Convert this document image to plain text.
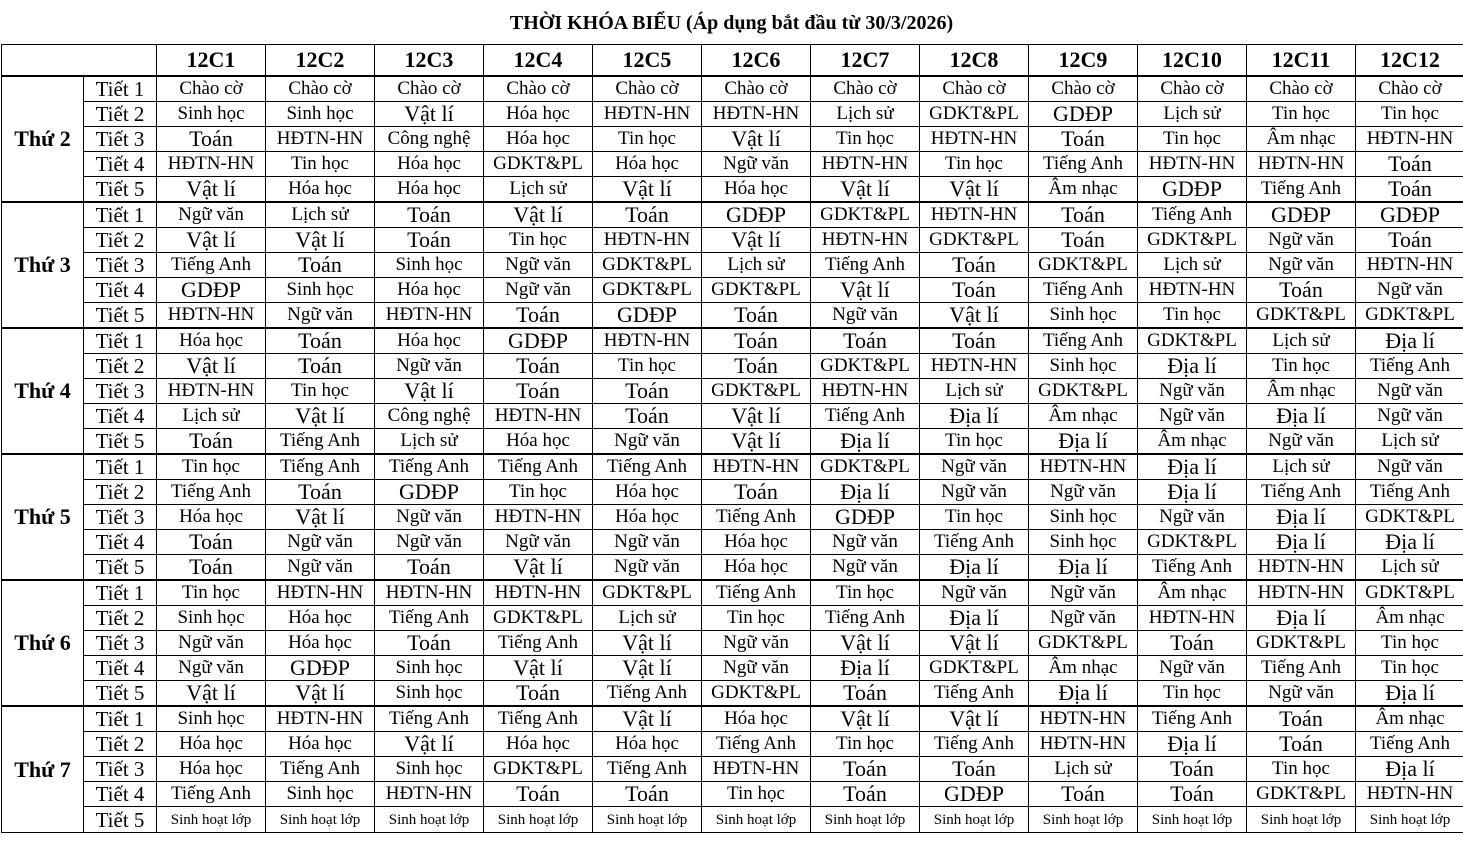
THỜI KHÓA BIỂU (Áp dụng bắt đầu từ 30/3/2026)
		12C1	12C2	12C3	12C4	12C5	12C6	12C7	12C8	12C9	12C10	12C11	12C12
Thứ 2	Tiết 1	Chào cờ	Chào cờ	Chào cờ	Chào cờ	Chào cờ	Chào cờ	Chào cờ	Chào cờ	Chào cờ	Chào cờ	Chào cờ	Chào cờ
	Tiết 2	Sinh học	Sinh học	Vật lí	Hóa học	HĐTN-HN	HĐTN-HN	Lịch sử	GDKT&PL	GDĐP	Lịch sử	Tin học	Tin học
	Tiết 3	Toán	HĐTN-HN	Công nghệ	Hóa học	Tin học	Vật lí	Tin học	HĐTN-HN	Toán	Tin học	Âm nhạc	HĐTN-HN
	Tiết 4	HĐTN-HN	Tin học	Hóa học	GDKT&PL	Hóa học	Ngữ văn	HĐTN-HN	Tin học	Tiếng Anh	HĐTN-HN	HĐTN-HN	Toán
	Tiết 5	Vật lí	Hóa học	Hóa học	Lịch sử	Vật lí	Hóa học	Vật lí	Vật lí	Âm nhạc	GDĐP	Tiếng Anh	Toán
Thứ 3	Tiết 1	Ngữ văn	Lịch sử	Toán	Vật lí	Toán	GDĐP	GDKT&PL	HĐTN-HN	Toán	Tiếng Anh	GDĐP	GDĐP
	Tiết 2	Vật lí	Vật lí	Toán	Tin học	HĐTN-HN	Vật lí	HĐTN-HN	GDKT&PL	Toán	GDKT&PL	Ngữ văn	Toán
	Tiết 3	Tiếng Anh	Toán	Sinh học	Ngữ văn	GDKT&PL	Lịch sử	Tiếng Anh	Toán	GDKT&PL	Lịch sử	Ngữ văn	HĐTN-HN
	Tiết 4	GDĐP	Sinh học	Hóa học	Ngữ văn	GDKT&PL	GDKT&PL	Vật lí	Toán	Tiếng Anh	HĐTN-HN	Toán	Ngữ văn
	Tiết 5	HĐTN-HN	Ngữ văn	HĐTN-HN	Toán	GDĐP	Toán	Ngữ văn	Vật lí	Sinh học	Tin học	GDKT&PL	GDKT&PL
Thứ 4	Tiết 1	Hóa học	Toán	Hóa học	GDĐP	HĐTN-HN	Toán	Toán	Toán	Tiếng Anh	GDKT&PL	Lịch sử	Địa lí
	Tiết 2	Vật lí	Toán	Ngữ văn	Toán	Tin học	Toán	GDKT&PL	HĐTN-HN	Sinh học	Địa lí	Tin học	Tiếng Anh
	Tiết 3	HĐTN-HN	Tin học	Vật lí	Toán	Toán	GDKT&PL	HĐTN-HN	Lịch sử	GDKT&PL	Ngữ văn	Âm nhạc	Ngữ văn
	Tiết 4	Lịch sử	Vật lí	Công nghệ	HĐTN-HN	Toán	Vật lí	Tiếng Anh	Địa lí	Âm nhạc	Ngữ văn	Địa lí	Ngữ văn
	Tiết 5	Toán	Tiếng Anh	Lịch sử	Hóa học	Ngữ văn	Vật lí	Địa lí	Tin học	Địa lí	Âm nhạc	Ngữ văn	Lịch sử
Thứ 5	Tiết 1	Tin học	Tiếng Anh	Tiếng Anh	Tiếng Anh	Tiếng Anh	HĐTN-HN	GDKT&PL	Ngữ văn	HĐTN-HN	Địa lí	Lịch sử	Ngữ văn
	Tiết 2	Tiếng Anh	Toán	GDĐP	Tin học	Hóa học	Toán	Địa lí	Ngữ văn	Ngữ văn	Địa lí	Tiếng Anh	Tiếng Anh
	Tiết 3	Hóa học	Vật lí	Ngữ văn	HĐTN-HN	Hóa học	Tiếng Anh	GDĐP	Tin học	Sinh học	Ngữ văn	Địa lí	GDKT&PL
	Tiết 4	Toán	Ngữ văn	Ngữ văn	Ngữ văn	Ngữ văn	Hóa học	Ngữ văn	Tiếng Anh	Sinh học	GDKT&PL	Địa lí	Địa lí
	Tiết 5	Toán	Ngữ văn	Toán	Vật lí	Ngữ văn	Hóa học	Ngữ văn	Địa lí	Địa lí	Tiếng Anh	HĐTN-HN	Lịch sử
Thứ 6	Tiết 1	Tin học	HĐTN-HN	HĐTN-HN	HĐTN-HN	GDKT&PL	Tiếng Anh	Tin học	Ngữ văn	Ngữ văn	Âm nhạc	HĐTN-HN	GDKT&PL
	Tiết 2	Sinh học	Hóa học	Tiếng Anh	GDKT&PL	Lịch sử	Tin học	Tiếng Anh	Địa lí	Ngữ văn	HĐTN-HN	Địa lí	Âm nhạc
	Tiết 3	Ngữ văn	Hóa học	Toán	Tiếng Anh	Vật lí	Ngữ văn	Vật lí	Vật lí	GDKT&PL	Toán	GDKT&PL	Tin học
	Tiết 4	Ngữ văn	GDĐP	Sinh học	Vật lí	Vật lí	Ngữ văn	Địa lí	GDKT&PL	Âm nhạc	Ngữ văn	Tiếng Anh	Tin học
	Tiết 5	Vật lí	Vật lí	Sinh học	Toán	Tiếng Anh	GDKT&PL	Toán	Tiếng Anh	Địa lí	Tin học	Ngữ văn	Địa lí
Thứ 7	Tiết 1	Sinh học	HĐTN-HN	Tiếng Anh	Tiếng Anh	Vật lí	Hóa học	Vật lí	Vật lí	HĐTN-HN	Tiếng Anh	Toán	Âm nhạc
	Tiết 2	Hóa học	Hóa học	Vật lí	Hóa học	Hóa học	Tiếng Anh	Tin học	Tiếng Anh	HĐTN-HN	Địa lí	Toán	Tiếng Anh
	Tiết 3	Hóa học	Tiếng Anh	Sinh học	GDKT&PL	Tiếng Anh	HĐTN-HN	Toán	Toán	Lịch sử	Toán	Tin học	Địa lí
	Tiết 4	Tiếng Anh	Sinh học	HĐTN-HN	Toán	Toán	Tin học	Toán	GDĐP	Toán	Toán	GDKT&PL	HĐTN-HN
	Tiết 5	Sinh hoạt lớp	Sinh hoạt lớp	Sinh hoạt lớp	Sinh hoạt lớp	Sinh hoạt lớp	Sinh hoạt lớp	Sinh hoạt lớp	Sinh hoạt lớp	Sinh hoạt lớp	Sinh hoạt lớp	Sinh hoạt lớp	Sinh hoạt lớp
